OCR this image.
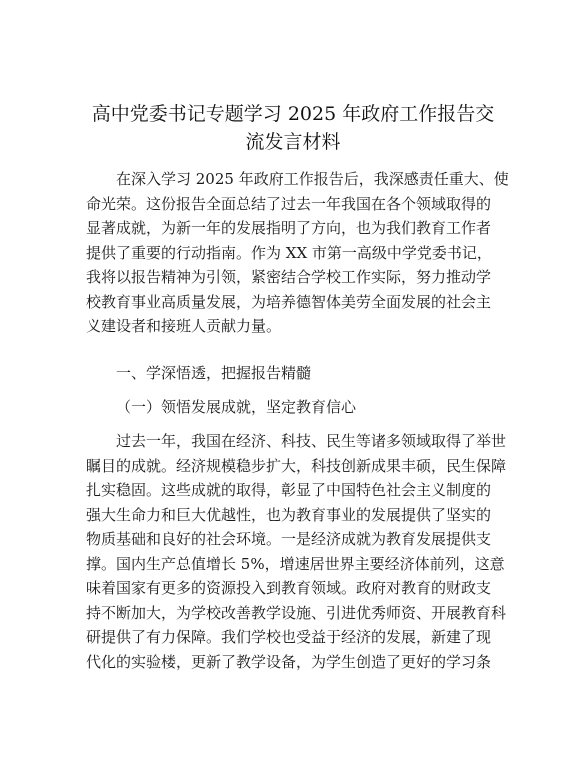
高中党委书记专题学习 2025 年政府工作报告交
流发言材料

在深入学习 2025 年政府工作报告后，我深感责任重大、使
命光荣。这份报告全面总结了过去一年我国在各个领域取得的
显著成就，为新一年的发展指明了方向，也为我们教育工作者
提供了重要的行动指南。作为 XX 市第一高级中学党委书记，
我将以报告精神为引领，紧密结合学校工作实际，努力推动学
校教育事业高质量发展，为培养德智体美劳全面发展的社会主
义建设者和接班人贡献力量。

一、学深悟透，把握报告精髓

（一）领悟发展成就，坚定教育信心

过去一年，我国在经济、科技、民生等诸多领域取得了举世
瞩目的成就。经济规模稳步扩大，科技创新成果丰硕，民生保障
扎实稳固。这些成就的取得，彰显了中国特色社会主义制度的
强大生命力和巨大优越性，也为教育事业的发展提供了坚实的
物质基础和良好的社会环境。一是经济成就为教育发展提供支
撑。国内生产总值增长 5%，增速居世界主要经济体前列，这意
味着国家有更多的资源投入到教育领域。政府对教育的财政支
持不断加大，为学校改善教学设施、引进优秀师资、开展教育科
研提供了有力保障。我们学校也受益于经济的发展，新建了现
代化的实验楼，更新了教学设备，为学生创造了更好的学习条
